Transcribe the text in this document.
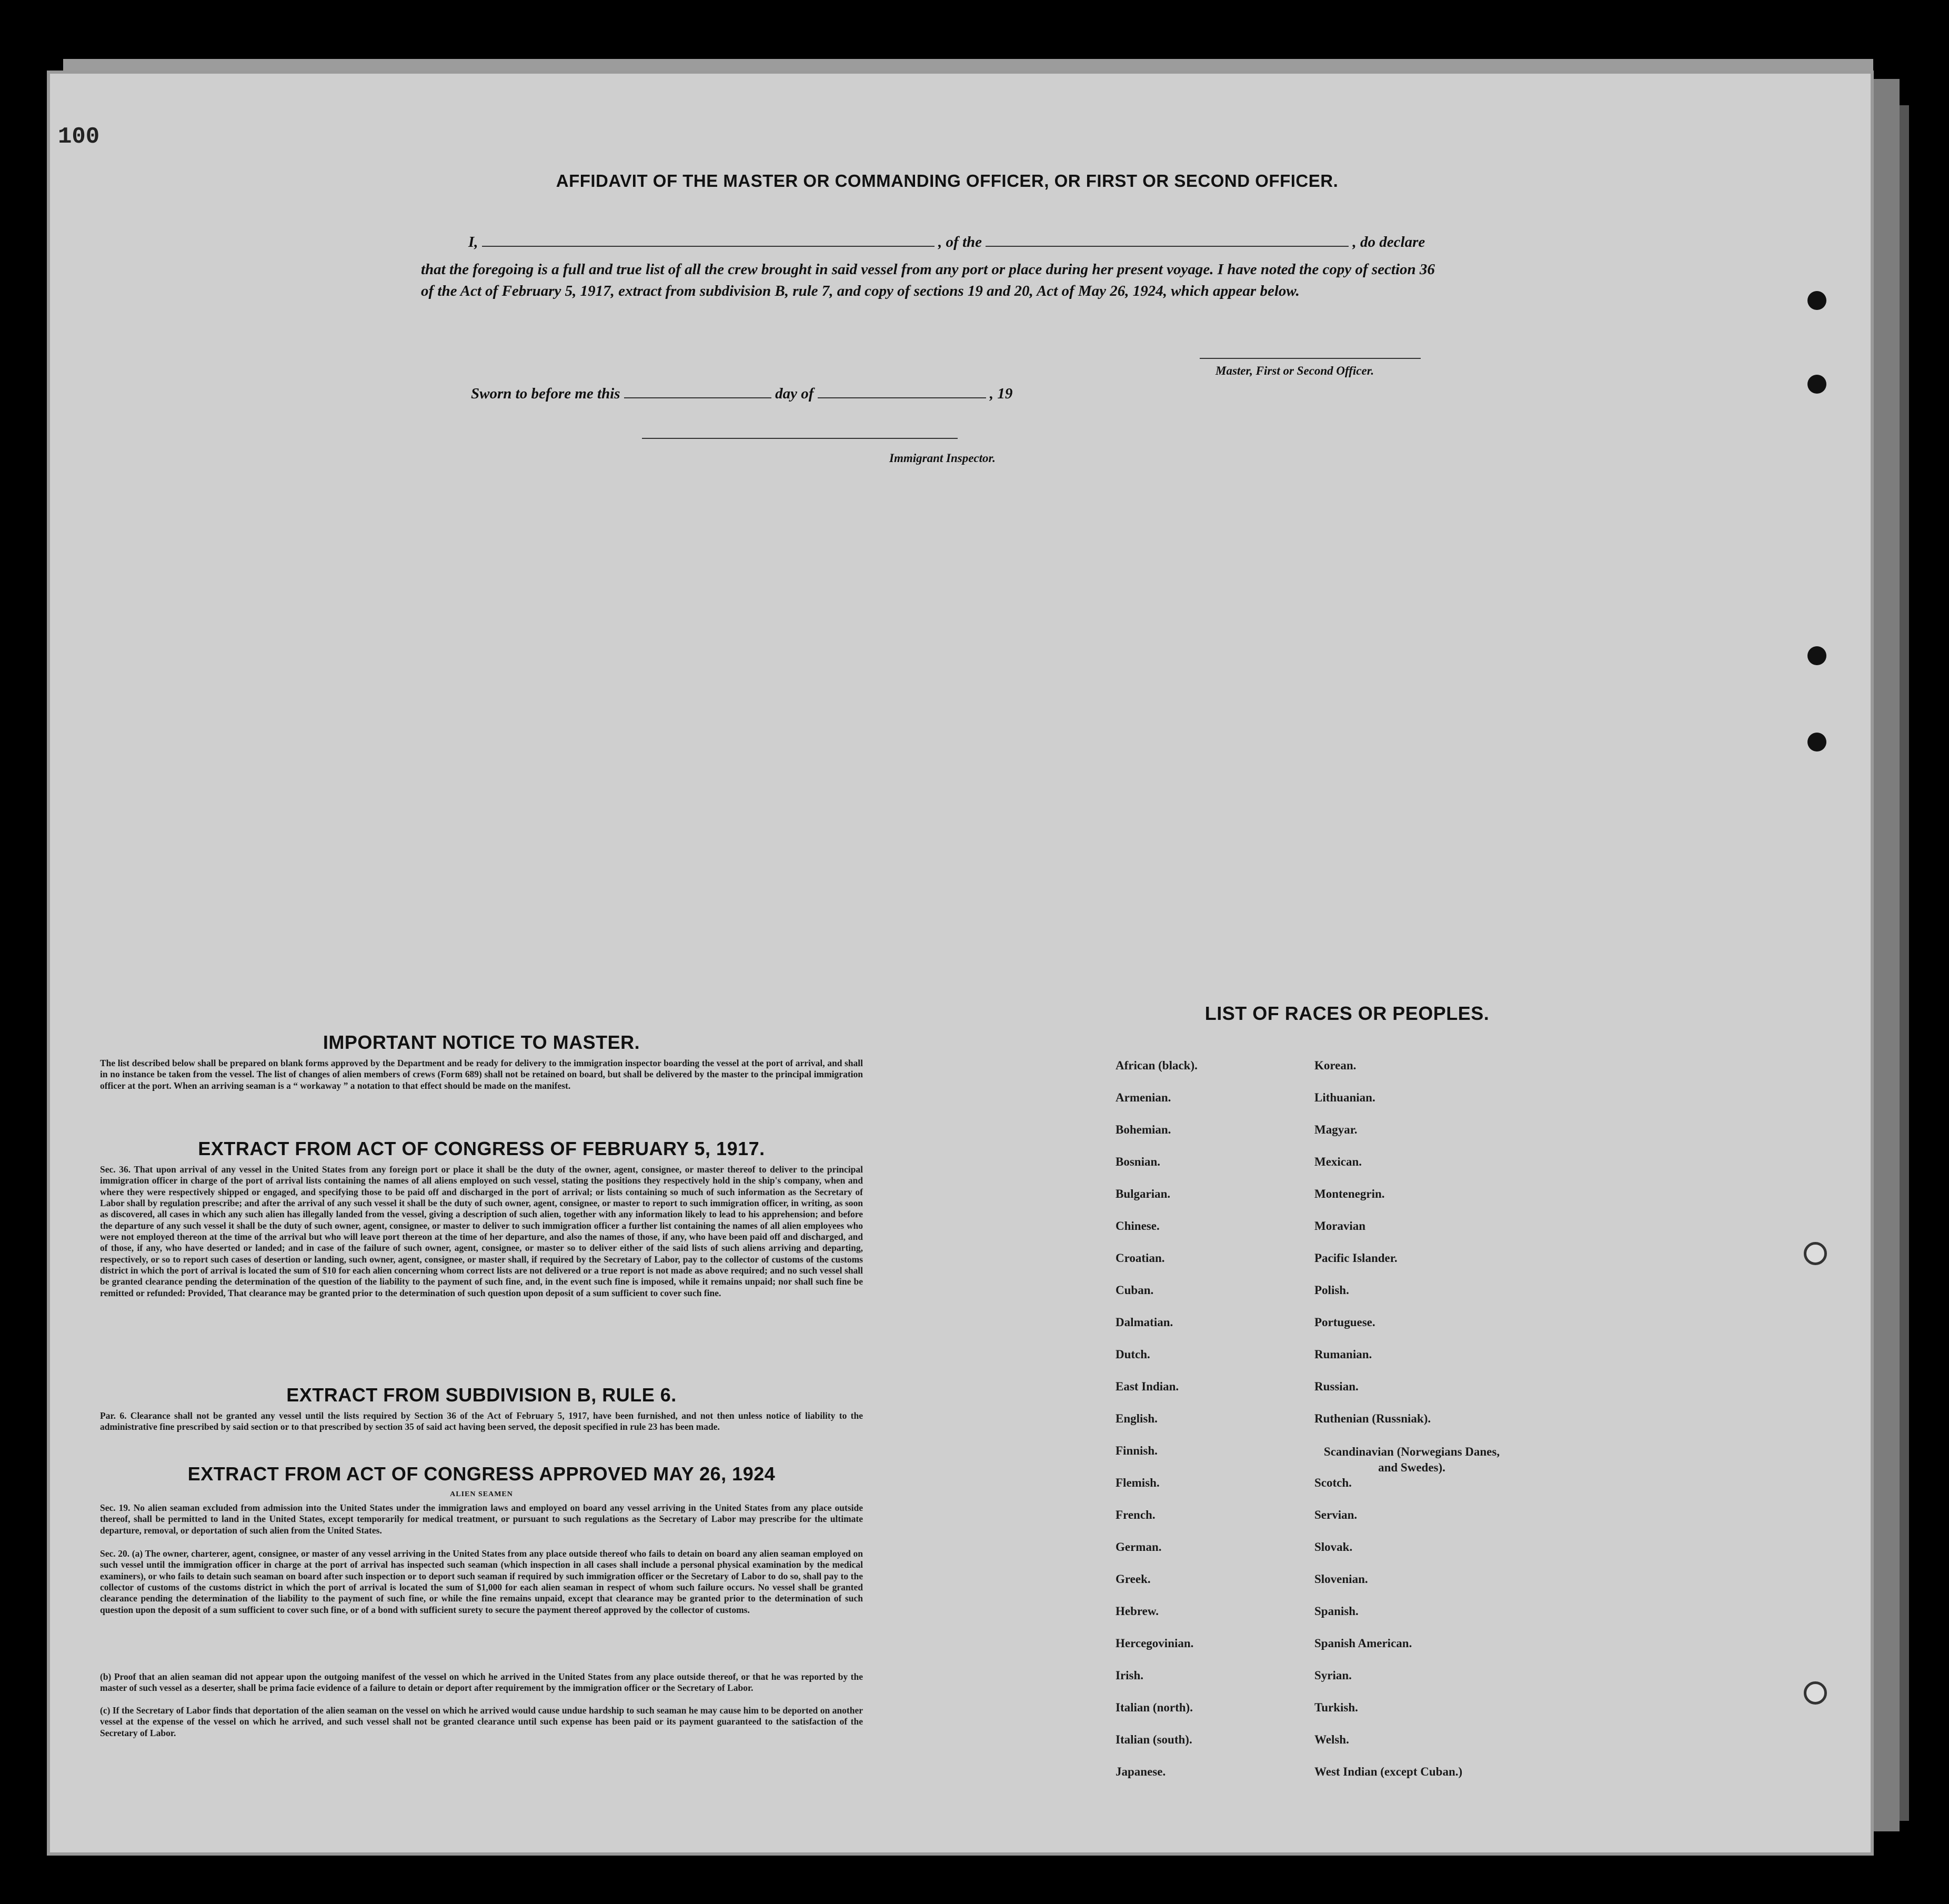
100
AFFIDAVIT OF THE MASTER OR COMMANDING OFFICER, OR FIRST OR SECOND OFFICER.
I,	, of the	, do declare
that the foregoing is a full and true list of all the crew brought in said vessel from any port or place during her present voyage. I have noted the copy of section 36 of the Act of February 5, 1917, extract from subdivision B, rule 7, and copy of sections 19 and 20, Act of May 26, 1924, which appear below.
Master, First or Second Officer.
Sworn to before me this	day of	, 19
Immigrant Inspector.
IMPORTANT NOTICE TO MASTER.
The list described below shall be prepared on blank forms approved by the Department and be ready for delivery to the immigration inspector boarding the vessel at the port of arrival, and shall in no instance be taken from the vessel. The list of changes of alien members of crews (Form 689) shall not be retained on board, but shall be delivered by the master to the principal immigration officer at the port. When an arriving seaman is a “ workaway ” a notation to that effect should be made on the manifest.
EXTRACT FROM ACT OF CONGRESS OF FEBRUARY 5, 1917.
Sec. 36. That upon arrival of any vessel in the United States from any foreign port or place it shall be the duty of the owner, agent, consignee, or master thereof to deliver to the principal immigration officer in charge of the port of arrival lists containing the names of all aliens employed on such vessel, stating the positions they respectively hold in the ship's company, when and where they were respectively shipped or engaged, and specifying those to be paid off and discharged in the port of arrival; or lists containing so much of such information as the Secretary of Labor shall by regulation prescribe; and after the arrival of any such vessel it shall be the duty of such owner, agent, consignee, or master to report to such immigration officer, in writing, as soon as discovered, all cases in which any such alien has illegally landed from the vessel, giving a description of such alien, together with any information likely to lead to his apprehension; and before the departure of any such vessel it shall be the duty of such owner, agent, consignee, or master to deliver to such immigration officer a further list containing the names of all alien employees who were not employed thereon at the time of the arrival but who will leave port thereon at the time of her departure, and also the names of those, if any, who have been paid off and discharged, and of those, if any, who have deserted or landed; and in case of the failure of such owner, agent, consignee, or master so to deliver either of the said lists of such aliens arriving and departing, respectively, or so to report such cases of desertion or landing, such owner, agent, consignee, or master shall, if required by the Secretary of Labor, pay to the collector of customs of the customs district in which the port of arrival is located the sum of $10 for each alien concerning whom correct lists are not delivered or a true report is not made as above required; and no such vessel shall be granted clearance pending the determination of the question of the liability to the payment of such fine, and, in the event such fine is imposed, while it remains unpaid; nor shall such fine be remitted or refunded: Provided, That clearance may be granted prior to the determination of such question upon deposit of a sum sufficient to cover such fine.
EXTRACT FROM SUBDIVISION B, RULE 6.
Par. 6. Clearance shall not be granted any vessel until the lists required by Section 36 of the Act of February 5, 1917, have been furnished, and not then unless notice of liability to the administrative fine prescribed by said section or to that prescribed by section 35 of said act having been served, the deposit specified in rule 23 has been made.
EXTRACT FROM ACT OF CONGRESS APPROVED MAY 26, 1924
ALIEN SEAMEN
Sec. 19. No alien seaman excluded from admission into the United States under the immigration laws and employed on board any vessel arriving in the United States from any place outside thereof, shall be permitted to land in the United States, except temporarily for medical treatment, or pursuant to such regulations as the Secretary of Labor may prescribe for the ultimate departure, removal, or deportation of such alien from the United States.
Sec. 20. (a) The owner, charterer, agent, consignee, or master of any vessel arriving in the United States from any place outside thereof who fails to detain on board any alien seaman employed on such vessel until the immigration officer in charge at the port of arrival has inspected such seaman (which inspection in all cases shall include a personal physical examination by the medical examiners), or who fails to detain such seaman on board after such inspection or to deport such seaman if required by such immigration officer or the Secretary of Labor to do so, shall pay to the collector of customs of the customs district in which the port of arrival is located the sum of $1,000 for each alien seaman in respect of whom such failure occurs. No vessel shall be granted clearance pending the determination of the liability to the payment of such fine, or while the fine remains unpaid, except that clearance may be granted prior to the determination of such question upon the deposit of a sum sufficient to cover such fine, or of a bond with sufficient surety to secure the payment thereof approved by the collector of customs.
(b) Proof that an alien seaman did not appear upon the outgoing manifest of the vessel on which he arrived in the United States from any place outside thereof, or that he was reported by the master of such vessel as a deserter, shall be prima facie evidence of a failure to detain or deport after requirement by the immigration officer or the Secretary of Labor.
(c) If the Secretary of Labor finds that deportation of the alien seaman on the vessel on which he arrived would cause undue hardship to such seaman he may cause him to be deported on another vessel at the expense of the vessel on which he arrived, and such vessel shall not be granted clearance until such expense has been paid or its payment guaranteed to the satisfaction of the Secretary of Labor.
LIST OF RACES OR PEOPLES.
African (black).
Armenian.
Bohemian.
Bosnian.
Bulgarian.
Chinese.
Croatian.
Cuban.
Dalmatian.
Dutch.
East Indian.
English.
Finnish.
Flemish.
French.
German.
Greek.
Hebrew.
Hercegovinian.
Irish.
Italian (north).
Italian (south).
Japanese.
Korean.
Lithuanian.
Magyar.
Mexican.
Montenegrin.
Moravian
Pacific Islander.
Polish.
Portuguese.
Rumanian.
Russian.
Ruthenian (Russniak).
Scandinavian (Norwegians Danes, and Swedes).
Scotch.
Servian.
Slovak.
Slovenian.
Spanish.
Spanish American.
Syrian.
Turkish.
Welsh.
West Indian (except Cuban.)
